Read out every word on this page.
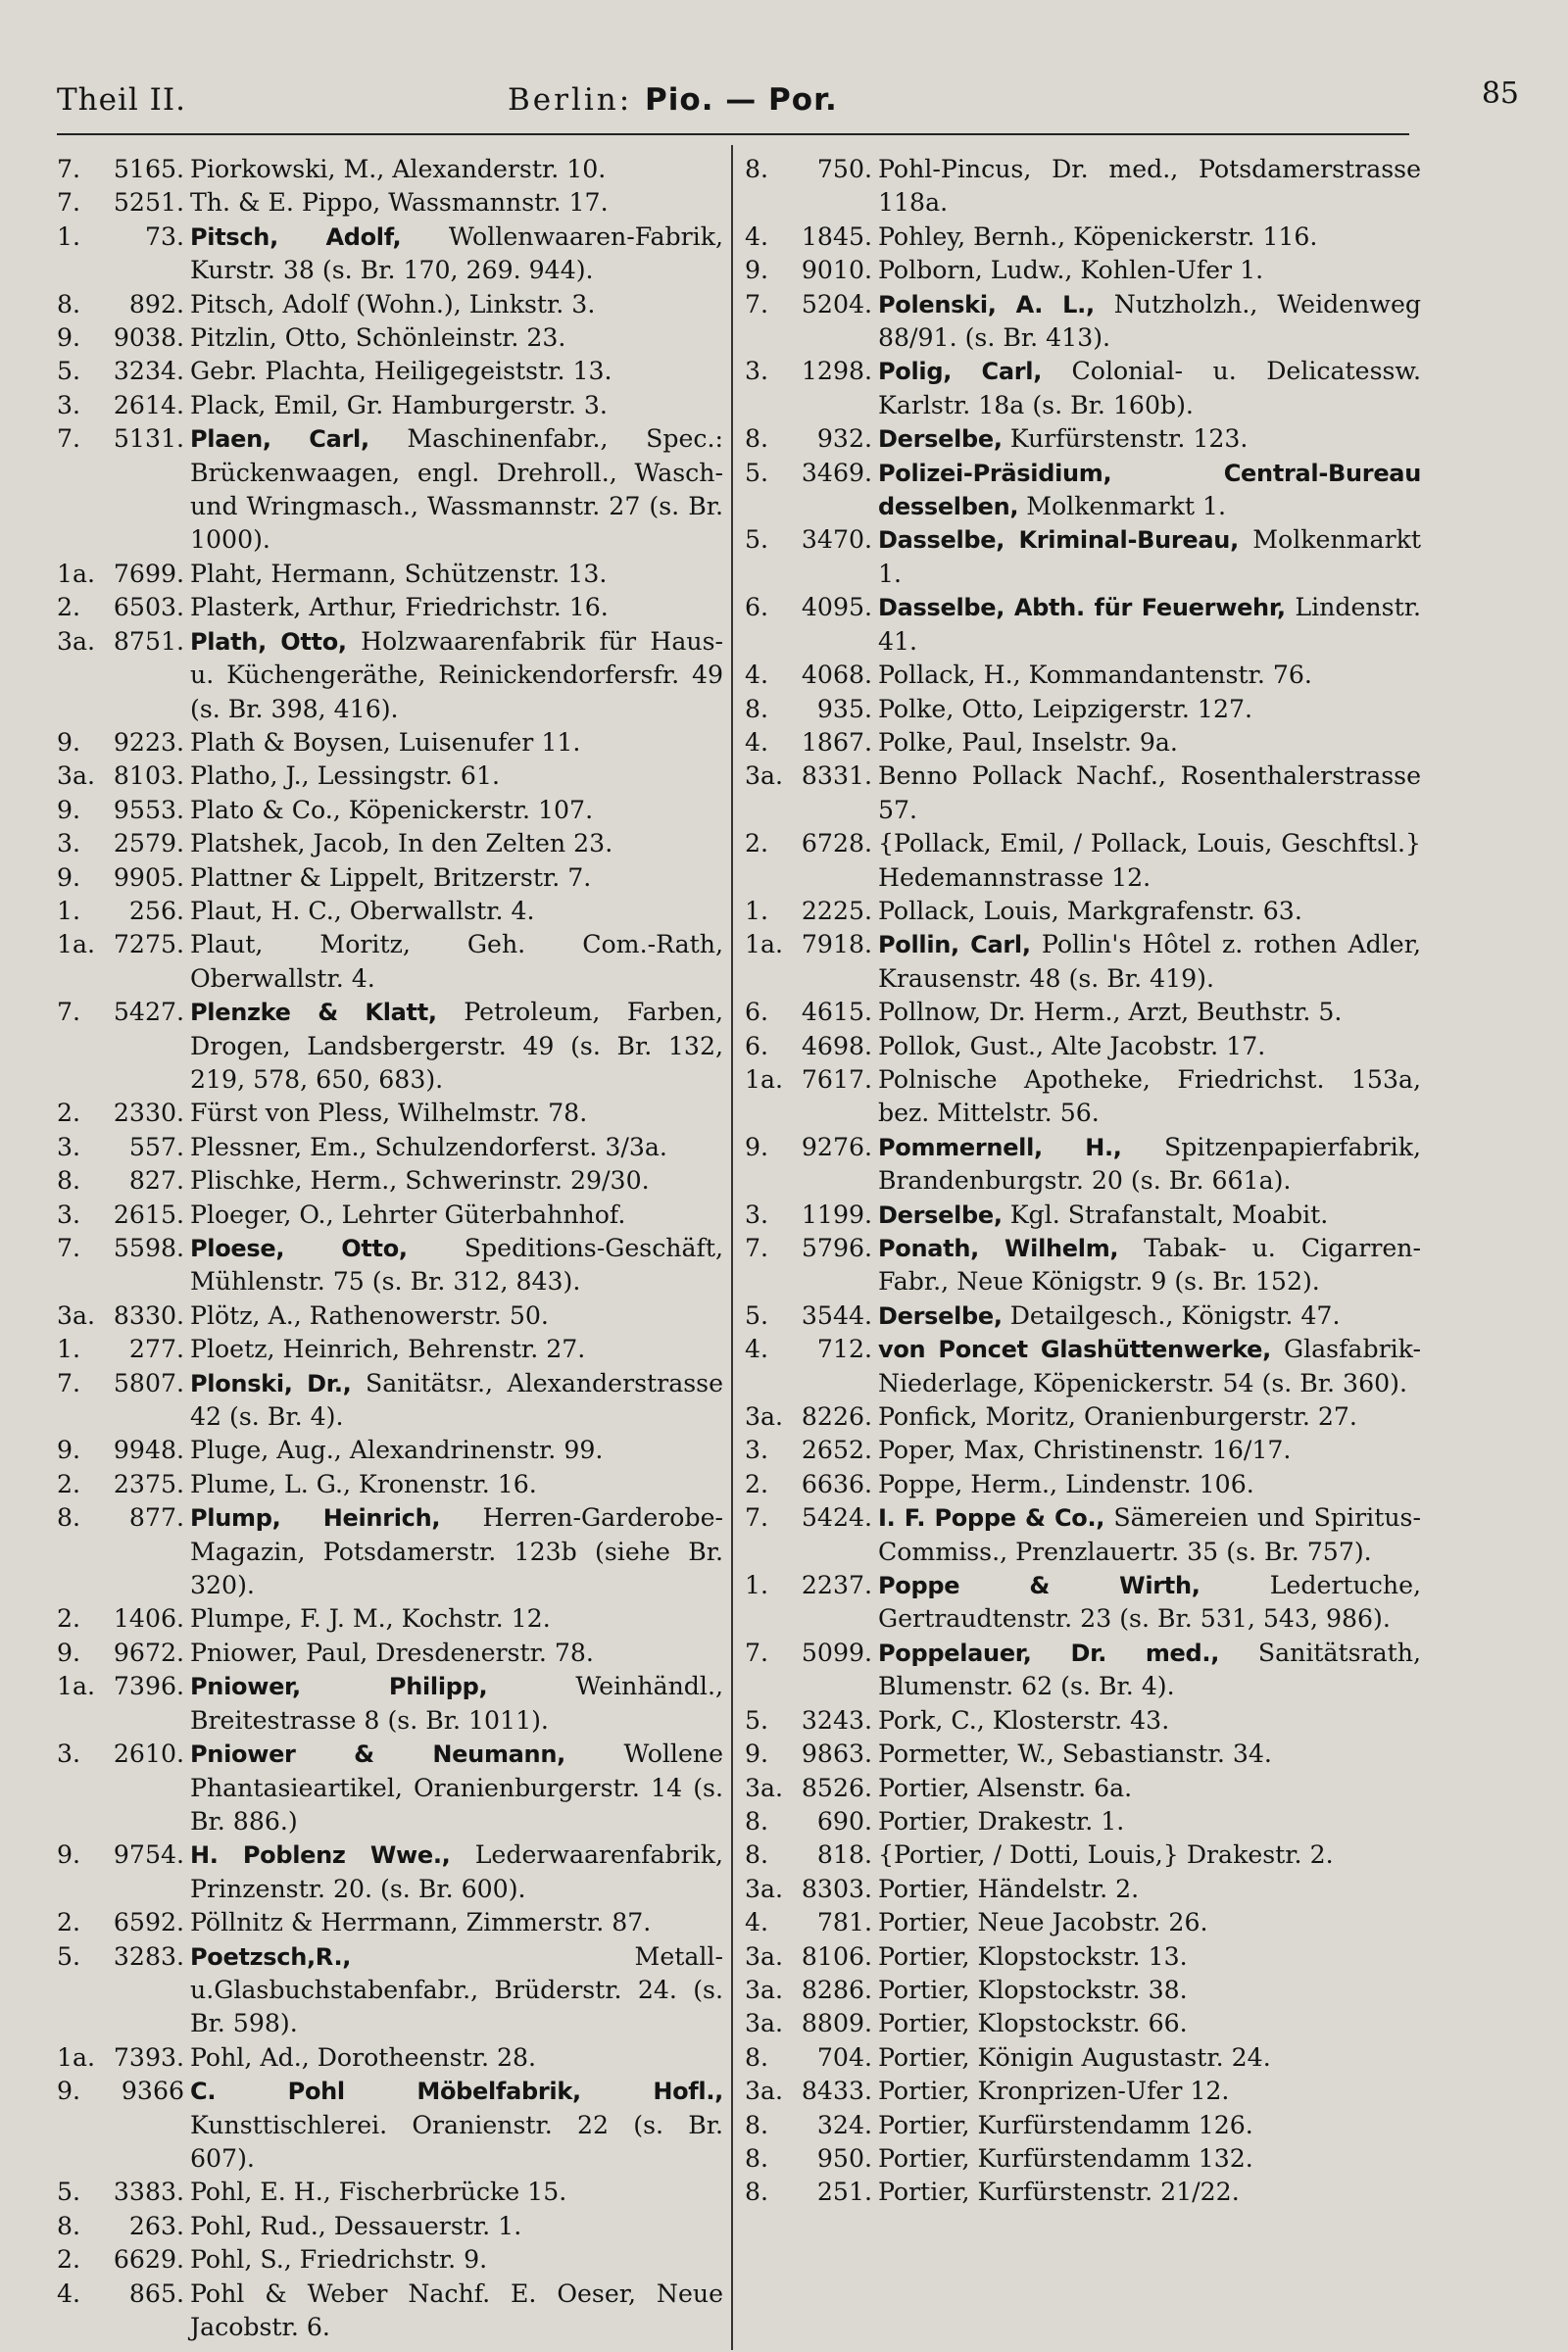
Theil II.	Berlin: Pio. — Por.	85
7.	5165. Piorkowski, M., Alexanderstr. 10.
7.	5251. Th. & E. Pippo, Wassmannstr. 17.
1.	73. Pitsch, Adolf, Wollenwaaren-Fabrik, Kurstr. 38 (s. Br. 170, 269. 944).
8.	892. Pitsch, Adolf (Wohn.), Linkstr. 3.
9.	9038. Pitzlin, Otto, Schönleinstr. 23.
5.	3234. Gebr. Plachta, Heiligegeiststr. 13.
3.	2614. Plack, Emil, Gr. Hamburgerstr. 3.
7.	5131. Plaen, Carl, Maschinenfabr., Spec.: Brückenwaagen, engl. Drehroll., Wasch- und Wringmasch., Wassmannstr. 27 (s. Br. 1000).
1a. 7699. Plaht, Hermann, Schützenstr. 13.
2.	6503. Plasterk, Arthur, Friedrichstr. 16.
3a. 8751. Plath, Otto, Holzwaarenfabrik für Haus- u. Küchengeräthe, Reinickendorfersfr. 49 (s. Br. 398, 416).
9.	9223. Plath & Boysen, Luisenufer 11.
3a. 8103. Platho, J., Lessingstr. 61.
9.	9553. Plato & Co., Köpenickerstr. 107.
3.	2579. Platshek, Jacob, In den Zelten 23.
9.	9905. Plattner & Lippelt, Britzerstr. 7.
1.	256. Plaut, H. C., Oberwallstr. 4.
1a. 7275. Plaut, Moritz, Geh. Com.-Rath, Oberwallstr. 4.
7.	5427. Plenzke & Klatt, Petroleum, Farben, Drogen, Landsbergerstr. 49 (s. Br. 132, 219, 578, 650, 683).
2.	2330. Fürst von Pless, Wilhelmstr. 78.
3.	557. Plessner, Em., Schulzendorferst. 3/3a.
8.	827. Plischke, Herm., Schwerinstr. 29/30.
3.	2615. Ploeger, O., Lehrter Güterbahnhof.
7.	5598. Ploese, Otto, Speditions-Geschäft, Mühlenstr. 75 (s. Br. 312, 843).
3a. 8330. Plötz, A., Rathenowerstr. 50.
1.	277. Ploetz, Heinrich, Behrenstr. 27.
7.	5807. Plonski, Dr., Sanitätsr., Alexanderstrasse 42 (s. Br. 4).
9.	9948. Pluge, Aug., Alexandrinenstr. 99.
2.	2375. Plume, L. G., Kronenstr. 16.
8.	877. Plump, Heinrich, Herren-Garderobe-Magazin, Potsdamerstr. 123b (siehe Br. 320).
2.	1406. Plumpe, F. J. M., Kochstr. 12.
9.	9672. Pniower, Paul, Dresdenerstr. 78.
1a. 7396. Pniower, Philipp,	Weinhändl., Breitestrasse 8 (s. Br. 1011).
3.	2610. Pniower & Neumann, Wollene Phantasieartikel, Oranienburgerstr. 14 (s. Br. 886.)
9.	9754. H. Poblenz Wwe., Lederwaarenfabrik, Prinzenstr. 20. (s. Br. 600).
2.	6592. Pöllnitz & Herrmann, Zimmerstr. 87.
5.	3283. Poetzsch,R.,	Metall-u.Glasbuchstabenfabr., Brüderstr. 24. (s. Br. 598).
1a. 7393. Pohl, Ad., Dorotheenstr. 28.
9.	9366 C. Pohl Möbelfabrik, Hofl., Kunsttischlerei. Oranienstr. 22 (s. Br. 607).
5.	3383. Pohl, E. H., Fischerbrücke 15.
8.	263. Pohl, Rud., Dessauerstr. 1.
2.	6629. Pohl, S., Friedrichstr. 9.
4.	865. Pohl & Weber Nachf. E. Oeser, Neue Jacobstr. 6.
8.	750. Pohl-Pincus, Dr. med., Potsdamerstrasse 118a.
4.	1845. Pohley, Bernh., Köpenickerstr. 116.
9.	9010. Polborn, Ludw., Kohlen-Ufer 1.
7.	5204. Polenski, A. L., Nutzholzh., Weidenweg 88/91. (s. Br. 413).
3.	1298. Polig, Carl, Colonial- u. Delicatessw. Karlstr. 18a (s. Br. 160b).
8.	932. Derselbe, Kurfürstenstr. 123.
5.	3469. Polizei-Präsidium, Central-Bureau desselben, Molkenmarkt 1.
5.	3470. Dasselbe, Kriminal-Bureau, Molkenmarkt 1.
6.	4095. Dasselbe, Abth. für Feuerwehr, Lindenstr. 41.
4.	4068. Pollack, H., Kommandantenstr. 76.
8.	935. Polke, Otto, Leipzigerstr. 127.
4.	1867. Polke, Paul, Inselstr. 9a.
3a. 8331. Benno Pollack Nachf., Rosenthalerstrasse 57.
2.	6728. {Pollack, Emil, / Pollack, Louis, Geschftsl.} Hedemannstrasse 12.
1.	2225. Pollack, Louis, Markgrafenstr. 63.
1a. 7918. Pollin, Carl, Pollin's Hôtel z. rothen Adler, Krausenstr. 48 (s. Br. 419).
6.	4615. Pollnow, Dr. Herm., Arzt, Beuthstr. 5.
6.	4698. Pollok, Gust., Alte Jacobstr. 17.
1a. 7617. Polnische Apotheke, Friedrichst. 153a, bez. Mittelstr. 56.
9.	9276. Pommernell, H., Spitzenpapierfabrik, Brandenburgstr. 20 (s. Br. 661a).
3.	1199. Derselbe, Kgl. Strafanstalt, Moabit.
7.	5796. Ponath, Wilhelm, Tabak- u. Cigarren-Fabr., Neue Königstr. 9 (s. Br. 152).
5.	3544. Derselbe, Detailgesch., Königstr. 47.
4.	712. von Poncet Glashüttenwerke, Glasfabrik-Niederlage, Köpenickerstr. 54 (s. Br. 360).
3a. 8226. Ponfick, Moritz, Oranienburgerstr. 27.
3.	2652. Poper, Max, Christinenstr. 16/17.
2.	6636. Poppe, Herm., Lindenstr. 106.
7.	5424. I. F. Poppe & Co., Sämereien und Spiritus-Commiss., Prenzlauertr. 35 (s. Br. 757).
1.	2237. Poppe & Wirth,	Ledertuche, Gertraudtenstr. 23 (s. Br. 531, 543, 986).
7.	5099. Poppelauer, Dr. med., Sanitätsrath, Blumenstr. 62 (s. Br. 4).
5.	3243. Pork, C., Klosterstr. 43.
9.	9863. Pormetter, W., Sebastianstr. 34.
3a. 8526. Portier, Alsenstr. 6a.
8.	690. Portier, Drakestr. 1.
8.	818. {Portier, / Dotti, Louis,} Drakestr. 2.
3a. 8303. Portier, Händelstr. 2.
4.	781. Portier, Neue Jacobstr. 26.
3a. 8106. Portier, Klopstockstr. 13.
3a. 8286. Portier, Klopstockstr. 38.
3a. 8809. Portier, Klopstockstr. 66.
8.	704. Portier, Königin Augustastr. 24.
3a. 8433. Portier, Kronprizen-Ufer 12.
8.	324. Portier, Kurfürstendamm 126.
8.	950. Portier, Kurfürstendamm 132.
8.	251. Portier, Kurfürstenstr. 21/22.
